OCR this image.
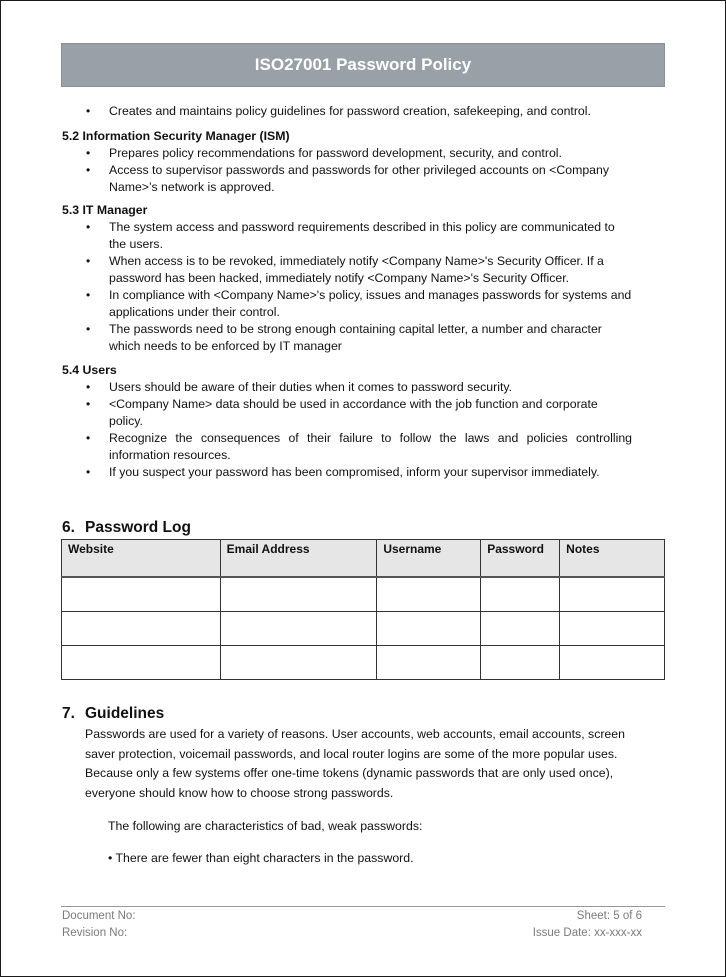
ISO27001 Password Policy
• Creates and maintains policy guidelines for password creation, safekeeping, and control.
5.2 Information Security Manager (ISM)
• Prepares policy recommendations for password development, security, and control.
• Access to supervisor passwords and passwords for other privileged accounts on <Company Name>’s network is approved.
5.3 IT Manager
• The system access and password requirements described in this policy are communicated to the users.
• When access is to be revoked, immediately notify <Company Name>'s Security Officer. If a password has been hacked, immediately notify <Company Name>'s Security Officer.
• In compliance with <Company Name>'s policy, issues and manages passwords for systems and applications under their control.
• The passwords need to be strong enough containing capital letter, a number and character which needs to be enforced by IT manager
5.4 Users
• Users should be aware of their duties when it comes to password security.
• <Company Name> data should be used in accordance with the job function and corporate policy.
• Recognize the consequences of their failure to follow the laws and policies controlling information resources.
• If you suspect your password has been compromised, inform your supervisor immediately.
6. Password Log
Website	Email Address	Username	Password	Notes

7. Guidelines

Passwords are used for a variety of reasons. User accounts, web accounts, email accounts, screen saver protection, voicemail passwords, and local router logins are some of the more popular uses. Because only a few systems offer one-time tokens (dynamic passwords that are only used once), everyone should know how to choose strong passwords.

The following are characteristics of bad, weak passwords:

• There are fewer than eight characters in the password.

Document No:	Sheet: 5 of 6
Revision No:	Issue Date: xx-xxx-xx
